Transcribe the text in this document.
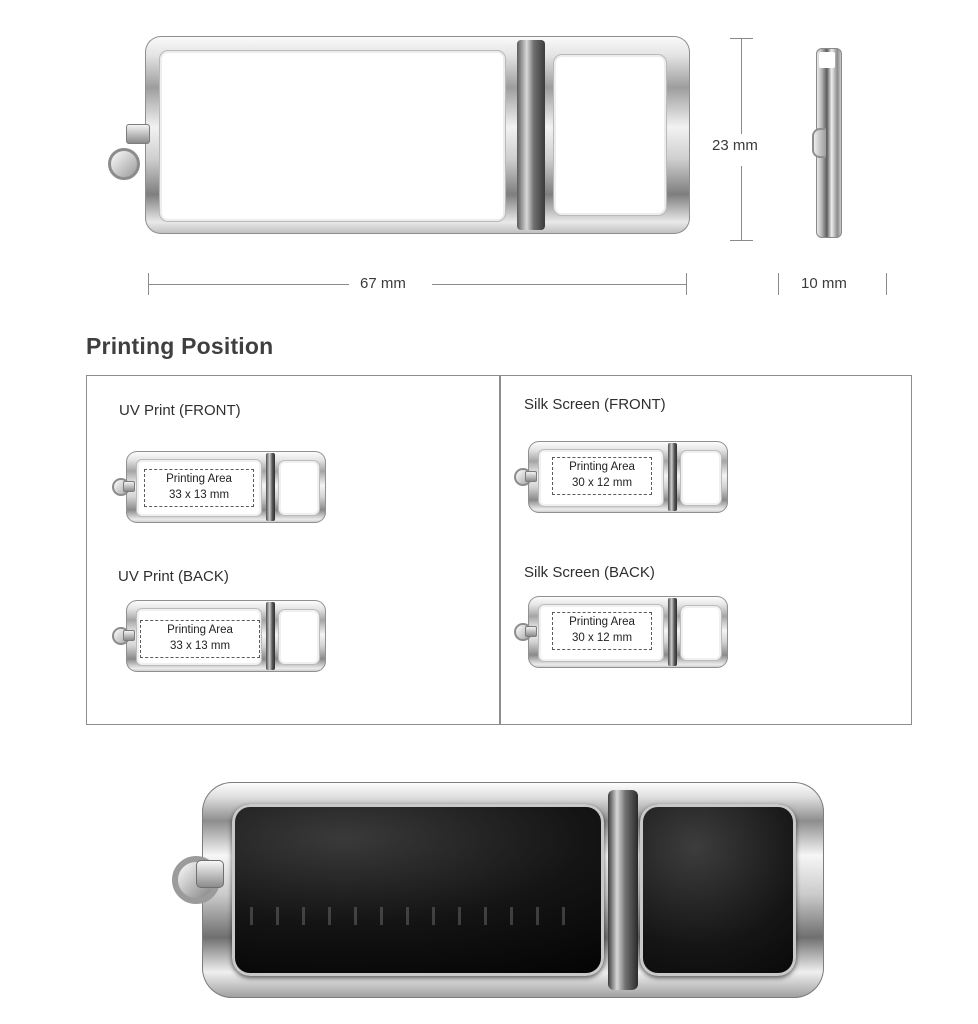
23 mm
67 mm	10 mm
Printing Position
UV Print (FRONT)
Printing Area
33 x 13 mm
UV Print (BACK)
Printing Area
33 x 13 mm
Silk Screen (FRONT)
Printing Area
30 x 12 mm
Silk Screen (BACK)
Printing Area
30 x 12 mm
